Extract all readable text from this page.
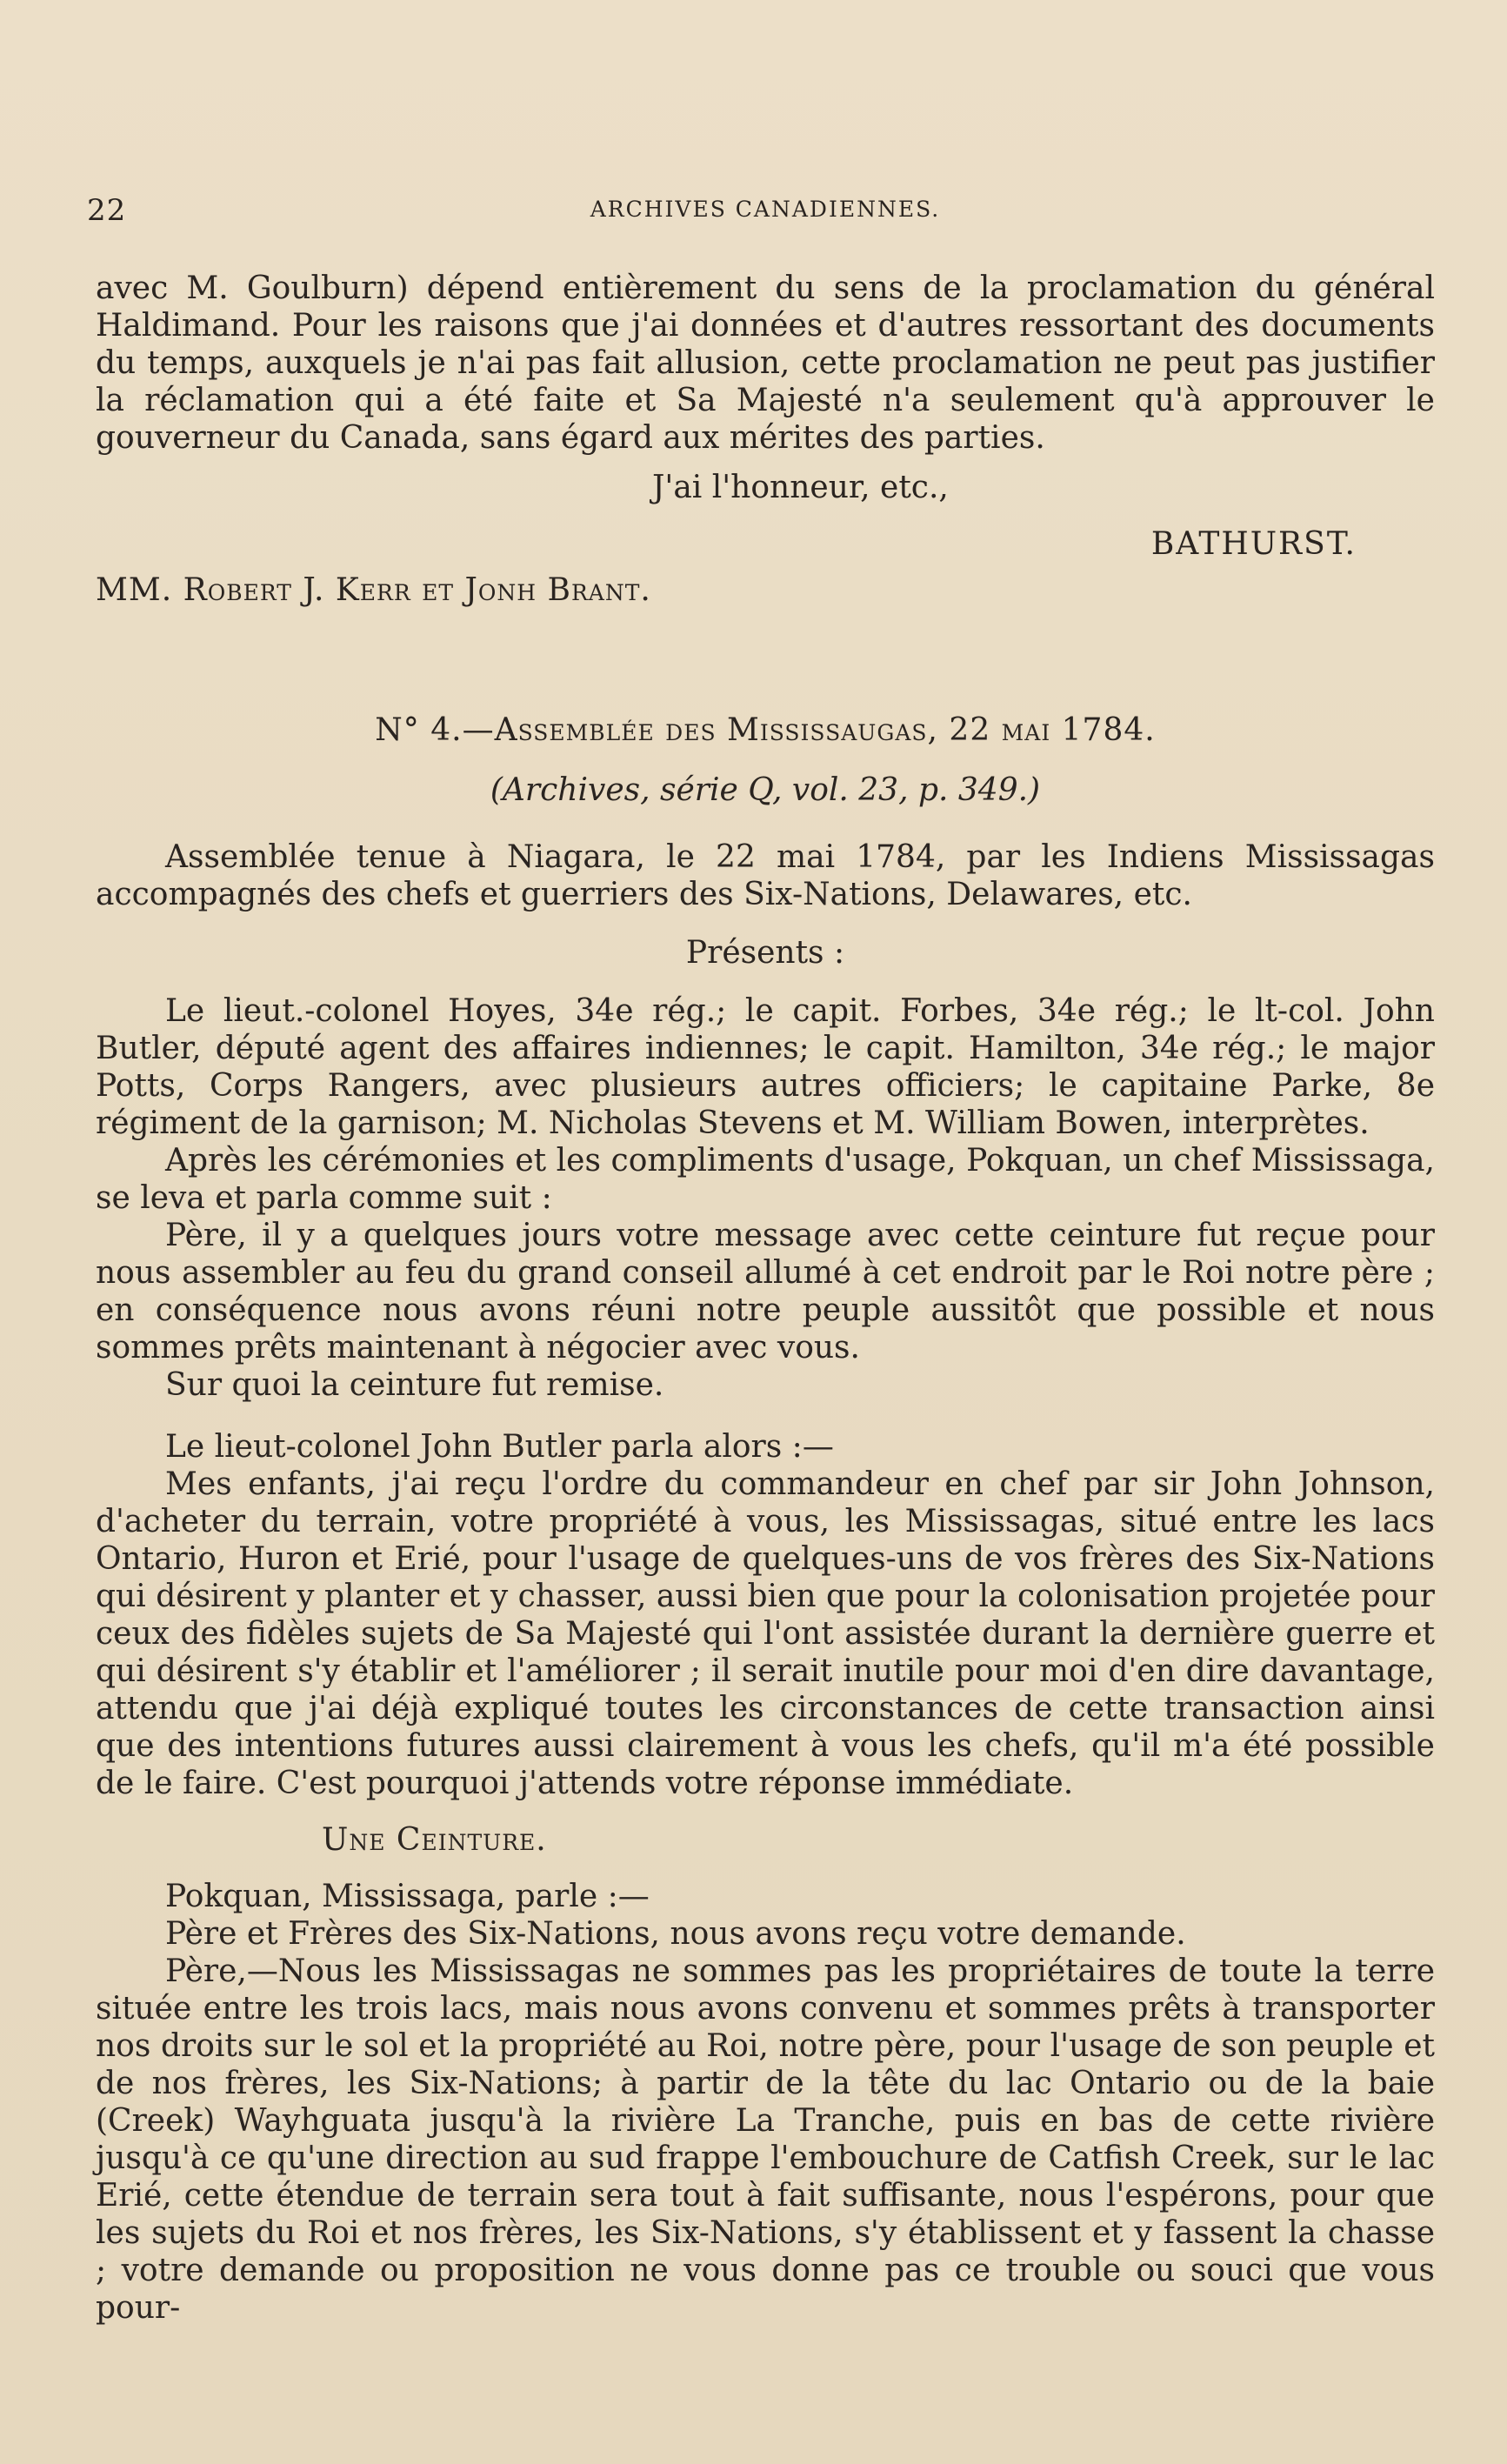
22	ARCHIVES CANADIENNES.

avec M. Goulburn) dépend entièrement du sens de la proclamation du général Haldimand. Pour les raisons que j'ai données et d'autres ressortant des documents du temps, auxquels je n'ai pas fait allusion, cette proclamation ne peut pas justifier la réclamation qui a été faite et Sa Majesté n'a seulement qu'à approuver le gouverneur du Canada, sans égard aux mérites des parties.

J'ai l'honneur, etc.,

BATHURST.

MM. Robert J. Kerr et Jonh Brant.

N° 4.—Assemblée des Mississaugas, 22 mai 1784.

(Archives, série Q, vol. 23, p. 349.)

Assemblée tenue à Niagara, le 22 mai 1784, par les Indiens Mississagas accompagnés des chefs et guerriers des Six-Nations, Delawares, etc.

Présents :

Le lieut.-colonel Hoyes, 34e rég.; le capit. Forbes, 34e rég.; le lt-col. John Butler, député agent des affaires indiennes; le capit. Hamilton, 34e rég.; le major Potts, Corps Rangers, avec plusieurs autres officiers; le capitaine Parke, 8e régiment de la garnison; M. Nicholas Stevens et M. William Bowen, interprètes.

Après les cérémonies et les compliments d'usage, Pokquan, un chef Mississaga, se leva et parla comme suit :

Père, il y a quelques jours votre message avec cette ceinture fut reçue pour nous assembler au feu du grand conseil allumé à cet endroit par le Roi notre père ; en conséquence nous avons réuni notre peuple aussitôt que possible et nous sommes prêts maintenant à négocier avec vous.

Sur quoi la ceinture fut remise.

Le lieut-colonel John Butler parla alors :—

Mes enfants, j'ai reçu l'ordre du commandeur en chef par sir John Johnson, d'acheter du terrain, votre propriété à vous, les Mississagas, situé entre les lacs Ontario, Huron et Erié, pour l'usage de quelques-uns de vos frères des Six-Nations qui désirent y planter et y chasser, aussi bien que pour la colonisation projetée pour ceux des fidèles sujets de Sa Majesté qui l'ont assistée durant la dernière guerre et qui désirent s'y établir et l'améliorer ; il serait inutile pour moi d'en dire davantage, attendu que j'ai déjà expliqué toutes les circonstances de cette transaction ainsi que des intentions futures aussi clairement à vous les chefs, qu'il m'a été possible de le faire. C'est pourquoi j'attends votre réponse immédiate.

Une Ceinture.

Pokquan, Mississaga, parle :—

Père et Frères des Six-Nations, nous avons reçu votre demande.

Père,—Nous les Mississagas ne sommes pas les propriétaires de toute la terre située entre les trois lacs, mais nous avons convenu et sommes prêts à transporter nos droits sur le sol et la propriété au Roi, notre père, pour l'usage de son peuple et de nos frères, les Six-Nations; à partir de la tête du lac Ontario ou de la baie (Creek) Wayhguata jusqu'à la rivière La Tranche, puis en bas de cette rivière jusqu'à ce qu'une direction au sud frappe l'embouchure de Catfish Creek, sur le lac Erié, cette étendue de terrain sera tout à fait suffisante, nous l'espérons, pour que les sujets du Roi et nos frères, les Six-Nations, s'y établissent et y fassent la chasse ; votre demande ou proposition ne vous donne pas ce trouble ou souci que vous pour-
